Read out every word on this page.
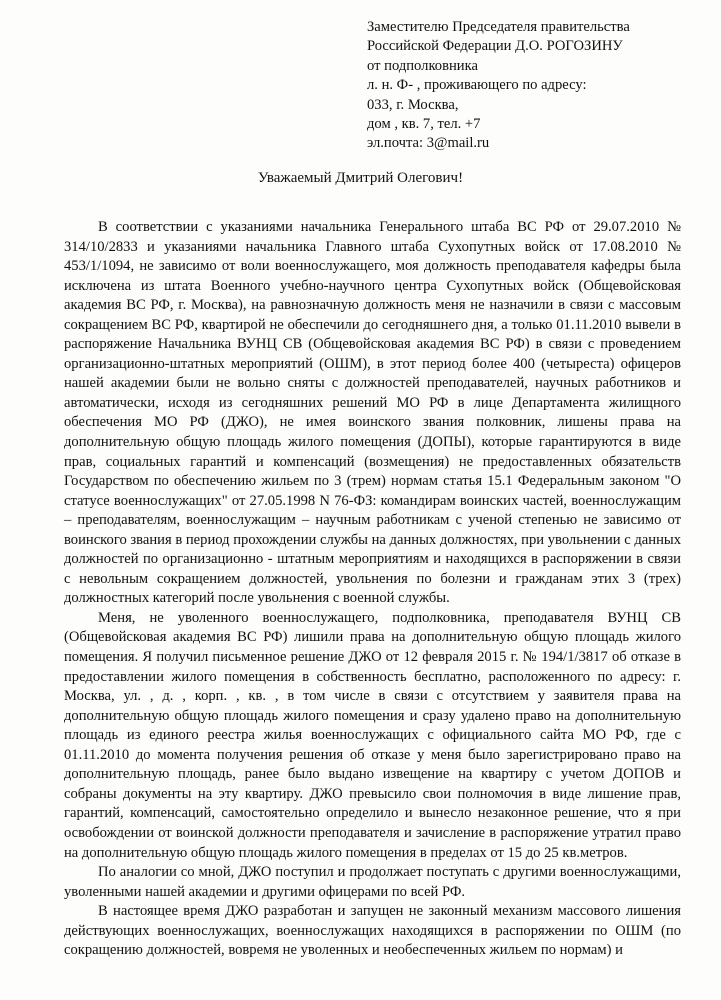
Заместителю Председателя правительства
Российской Федерации Д.О. РОГОЗИНУ
от подполковника
л. н. Ф- , проживающего по адресу:
033, г. Москва,
дом , кв. 7, тел. +7
эл.почта: 3@mail.ru
Уважаемый Дмитрий Олегович!

В соответствии с указаниями начальника Генерального штаба ВС РФ от 29.07.2010 № 314/10/2833 и указаниями начальника Главного штаба Сухопутных войск от 17.08.2010 № 453/1/1094, не зависимо от воли военнослужащего, моя должность преподавателя кафедры была исключена из штата Военного учебно-научного центра Сухопутных войск (Общевойсковая академия ВС РФ, г. Москва), на равнозначную должность меня не назначили в связи с массовым сокращением ВС РФ, квартирой не обеспечили до сегодняшнего дня, а только 01.11.2010 вывели в распоряжение Начальника ВУНЦ СВ (Общевойсковая академия ВС РФ) в связи с проведением организационно-штатных мероприятий (ОШМ), в этот период более 400 (четыреста) офицеров нашей академии были не вольно сняты с должностей преподавателей, научных работников и автоматически, исходя из сегодняшних решений МО РФ в лице Департамента жилищного обеспечения МО РФ (ДЖО), не имея воинского звания полковник, лишены права на дополнительную общую площадь жилого помещения (ДОПЫ), которые гарантируются в виде прав, социальных гарантий и компенсаций (возмещения) не предоставленных обязательств Государством по обеспечению жильем по 3 (трем) нормам статья 15.1 Федеральным законом "О статусе военнослужащих" от 27.05.1998 N 76-ФЗ: командирам воинских частей, военнослужащим – преподавателям, военнослужащим – научным работникам с ученой степенью не зависимо от воинского звания в период прохождении службы на данных должностях, при увольнении с данных должностей по организационно - штатным мероприятиям и находящихся в распоряжении в связи с невольным сокращением должностей, увольнения по болезни и гражданам этих 3 (трех) должностных категорий после увольнения с военной службы.

Меня, не уволенного военнослужащего, подполковника, преподавателя ВУНЦ СВ (Общевойсковая академия ВС РФ) лишили права на дополнительную общую площадь жилого помещения. Я получил письменное решение ДЖО от 12 февраля 2015 г. № 194/1/3817 об отказе в предоставлении жилого помещения в собственность бесплатно, расположенного по адресу: г. Москва, ул. , д. , корп. , кв. , в том числе в связи с отсутствием у заявителя права на дополнительную общую площадь жилого помещения и сразу удалено право на дополнительную площадь из единого реестра жилья военнослужащих с официального сайта МО РФ, где с 01.11.2010 до момента получения решения об отказе у меня было зарегистрировано право на дополнительную площадь, ранее было выдано извещение на квартиру с учетом ДОПОВ и собраны документы на эту квартиру. ДЖО превысило свои полномочия в виде лишение прав, гарантий, компенсаций, самостоятельно определило и вынесло незаконное решение, что я при освобождении от воинской должности преподавателя и зачисление в распоряжение утратил право на дополнительную общую площадь жилого помещения в пределах от 15 до 25 кв.метров.

По аналогии со мной, ДЖО поступил и продолжает поступать с другими военнослужащими, уволенными нашей академии и другими офицерами по всей РФ.

В настоящее время ДЖО разработан и запущен не законный механизм массового лишения действующих военнослужащих, военнослужащих находящихся в распоряжении по ОШМ (по сокращению должностей, вовремя не уволенных и необеспеченных жильем по нормам) и
